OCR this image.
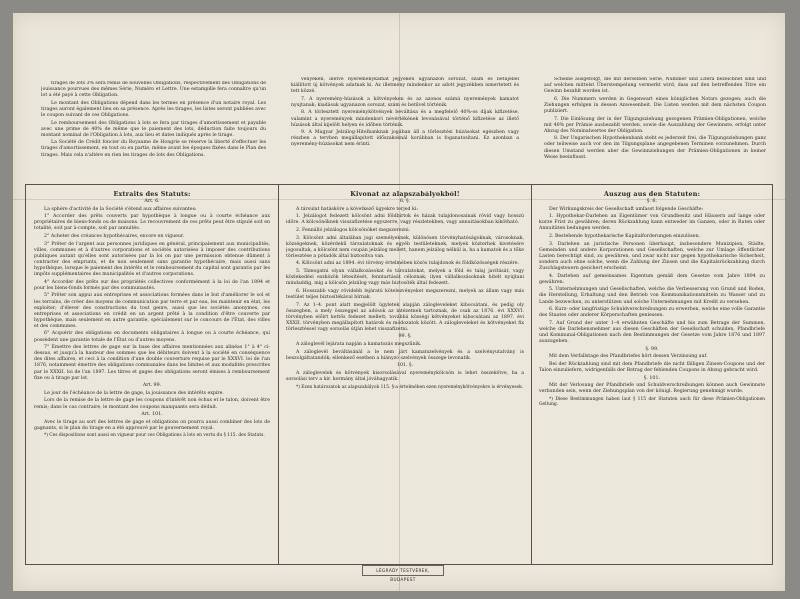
tirages de lots 3% sera remis de nouvelles Obligations, respectivement des Obligations de jouissance pourvues des mêmes Série, Numéro et Lettre. Une estampille fera connaître qu'un lot a été payé à cette Obligation.

Le montant des Obligations dépend dans les termes en présence d'un notaire royal. Les tirages auront également lieu en sa présence. Après les tirages, les listes seront publiées avec le coupon suivant de ces Obligations.

Le remboursement des Obligations à lots se fera par tirages d'amortissement et payable avec une prime de 40% de même que le paiement des lots, déduction faite toujours du montant nominal de l'Obligation à lots, aux lieu et dates indiqués après le tirage.

La Société de Crédit foncier du Royaume de Hongrie se réserve la liberté d'effectuer les tirages d'amortissement, en tout ou en partie, même avant les époques fixées dans le Plan des tirages. Mais cela n'altère en rien les tirages de lots des Obligations.

vényeken, illetve nyereménykamat jegyeken ugyanazon sorozat, szám és betűjellel kiállított új kötvények adatnak ki. Az illetmény mindenkor az adott jegyzékben ismertetett és tett közzé.

7. A nyeremény-húzások a kötvényeken és az azonos számú nyeremények kamatot nyujtanak; kiadásuk ugyanazon sorozat, szám és betűvel történik.

8. A törlesztett nyereménykötvények beváltása és a megfelelő 40%-os díjak kifizetése, valamint a nyeremények mindenkori névértékének levonásával történő kifizetése az illető húzások által kijelölt helyen és időben történik.

9. A Magyar Jelzálog-Hitelbanknak jogában áll a törlesztési húzásokat egészben vagy részben a tervben megállapított időszakoknál korábban is foganatosítani. Ez azonban a nyeremény-húzásokat nem érinti.

Scheine ausgefolgt, die mit derselben Serie, Nummer und Litera bezeichnet sind und auf welchen mittelst Überstempelung vermerkt wird, dass auf den betreffenden Titre ein Gewinn bezahlt worden ist.

6. Die Nummern werden in Gegenwart eines königlichen Notars gezogen; auch die Ziehungen erfolgen in dessen Anwesenheit. Die Listen werden mit dem nächsten Coupon publiziert.

7. Die Einlösung der in der Tilgungsziehung gezogenen Prämien-Obligationen, welche mit 40% per Prämie ausbezahlt werden, sowie die Auszahlung der Gewinnste, erfolgt unter Abzug des Nominalwertes der Obligation.

8. Der Ungarischen Hypothekenbank steht es jederzeit frei, die Tilgungsziehungen ganz oder teilweise auch vor den im Tilgungsplane angegebenen Terminen vorzunehmen. Durch diesen Umstand werden aber die Gewinnziehungen der Prämien-Obligationen in keiner Weise beeinflusst.

Extraits des Statuts:

Art. 6.

La sphère d'activité de la Société s'étend aux affaires suivantes:

1° Accorder des prêts couverts par hypothèque à longue ou à courte échéance aux propriétaires de biens-fonds ou de maisons. Le recouvrement de ces prêts peut être stipulé soit en totalité, soit par à-compte, soit par annuités.

2° Acheter des créances hypothécaires, encore en vigueur.

3° Prêter de l'argent aux personnes juridiques en général, principalement aux municipalités, villes, communes et à d'autres corporations et sociétés autorisées à imposer des contributions publiques autant qu'elles sont autorisées par la loi on par une permission obtenue dûment à contracter des emprunts, et de non seulement sans garantie hypothécaire, mais aussi sans hypothèque, lorsque le paiement des intérêts et le remboursement du capital sont garantis par les impôts supplémentaires des municipalités et d'autres corporations.

4° Accorder des prêts sur des propriétés collectives conformément à la loi de l'an 1894 et pour les biens-fonds formés par des communautés.

5° Prêter son appui aux entreprises et associations formées dans le but d'améliorer le sol et les terrains, de créer des moyens de communication par terre et par eau, les maintenir en état, les exploiter; d'élever des constructions du tout genre, aussi que les sociétés anonymes, ces entreprises et associations en crédit en un argent prêté à la condition d'être couverte par hypothèque, mais seulement en autre garantie, spécialement sur le concours de l'État, des villes et des communes.

6° Acquérir des obligations en documents obligataires à longue ou à courte échéance, qui possèdent une garantie totale de l'État ou d'autres moyens.

7° Émettre des lettres de gage sur la base des affaires mentionnées aux alinéas 1° à 4° ci-dessus, et jusqu'à la hauteur des sommes que les débiteurs doivent à la société en conséquence des dites affaires, et ceci à la condition d'une double couverture requise par le XXXVI. loi de l'an 1876, notamment émettre des obligations communales dans les limites et aux modalités prescrites par le XXXII. loi de l'an 1897. Les titres et gages des obligations seront émises à remboursement fixe ou à tirage par lot.

Art. 99.

Le jour de l'échéance de la lettre de gage, la jouissance des intérêts expire.

Lors de la remise de la lettre de gage les coupons d'intérêt non échus et le talon, doivent être remis; dans le cas contraire, le montant des coupons manquants sera déduit.

Art. 101.

Avec le tirage au sort des lettres de gage et obligations on pourra aussi combiner des lots de gagnants, si le plan du tirage en a été approuvé par le gouvernement royal.

*) Ces dispositions sont aussi en vigueur pour ces Obligations à lots en vertu du § 115. des Statuts.

Kivonat az alapszabályokból!

6. §.

A társulat hatásköre a következő ügyekre terjed ki:

1. Jelzálogot fedezett kölcsönt adni földbirtok és házak tulajdonosainak rövid vagy hosszú időre. A kölcsönöknek visszafizetése egyszerre, vagy részletekben, vagy annuitásokban kikötható.

2. Fennálló jelzálogos kölcsönöket megszerezni.

3. Kölcsönt adni általában jogi személyeknek, különösen törvényhatóságoknak, városoknak, községeknek, közérdekű társulatoknak és egyéb testületeknek, melyek közterhek kivetésére jogosultak, a kölcsönt nem csupán jelzálog mellett, hanem jelzálog nélkül is, ha a kamatok és a tőke törlesztése a pótadók által biztosítva van.

4. Kölcsönt adni az 1894. évi törvény értelmében közös tulajdonok és földközösségek részére.

5. Támogatni olyan vállalkozásokat és társulatokat, melyek a föld és talaj javítását, vagy közlekedési eszközök létesítését, fenntartását céloznak; ilyen vállalkozásoknak hitelt nyújtani mindaddig, míg a kölcsön jelzálog vagy más biztosíték által fedezett.

6. Hosszabb vagy rövidebb lejáratú kötelezvényeket megszerezni, melyek az állam vagy más testület teljes biztosítékával bírnak.

7. Az 1–4. pont alatt megjelölt ügyletek alapján zálogleveleket kibocsátani, és pedig oly összegben, a mely összeggel az adósok az intézetnek tartoznak, de csak az 1876. évi XXXVI. törvényben előírt kettős fedezet mellett; továbbá községi kötvényeket kibocsátani az 1897. évi XXXII. törvényben megállapított határok és módozatok között. A zálogleveleket és kötvényeket fix törlesztéssel vagy sorsolás útján lehet visszafizetni.

99. §.

A záloglevél lejárata napján a kamatozás megszűnik.

A záloglevél beváltásánál a le nem járt kamatszelvények és a szelvényutalvány is beszolgáltatandók; ellenkező esetben a hiányzó szelvények összege levonatik.

101. §.

A záloglevelek és kötvények kisorsolásával nyereménykölcsön is lehet összekötve, ha a sorsolási terv a kir. kormány által jóváhagyatik.

*) Ezen határozatok az alapszabályok 115. §-a értelmében ezen nyereménykötvényekre is érvényesek.

Auszug aus den Statuten:

§. 6.

Der Wirkungskreis der Gesellschaft umfasst folgende Geschäfte:

1. Hypothekar-Darlehen an Eigentümer von Grundbesitz und Häusern auf lange oder kurze Frist zu gewähren; deren Rückzahlung kann entweder im Ganzen, oder in Raten oder Annuitäten bedungen werden.

2. Bestehende hypothekarische Kapitalforderungen einzulösen.

3. Darlehen an juristische Personen überhaupt, insbesondere Munizipien, Städte, Gemeinden und andere Korporationen und Gesellschaften, welche zur Umlage öffentlicher Lasten berechtigt sind, zu gewähren, und zwar nicht nur gegen hypothekarische Sicherheit, sondern auch ohne solche, wenn die Zahlung der Zinsen und die Kapitalsrückzahlung durch Zuschlagsteuern gesichert erscheint.

4. Darlehen auf gemeinsames Eigentum gemäß dem Gesetze vom Jahre 1894 zu gewähren.

5. Unternehmungen und Gesellschaften, welche die Verbesserung von Grund und Boden, die Herstellung, Erhaltung und den Betrieb von Kommunikationsmitteln zu Wasser und zu Lande bezwecken, zu unterstützen und solche Unternehmungen mit Kredit zu versehen.

6. Kurz- oder langfristige Schuldverschreibungen zu erwerben, welche eine volle Garantie des Staates oder anderer Körperschaften geniessen.

7. Auf Grund der unter 1–4 erwähnten Geschäfte und bis zum Betrage der Summen, welche die Darlehensnehmer aus diesen Geschäften der Gesellschaft schulden, Pfandbriefe und Kommunal-Obligationen nach den Bestimmungen der Gesetze vom Jahre 1876 und 1897 auszugeben.

§. 99.

Mit dem Verfallstage des Pfandbriefes hört dessen Verzinsung auf.

Bei der Rückzahlung sind mit dem Pfandbriefe die nicht fälligen Zinsen-Coupons und der Talon einzuliefern, widrigenfalls der Betrag der fehlenden Coupons in Abzug gebracht wird.

§. 101.

Mit der Verlosung der Pfandbriefe und Schuldverschreibungen können auch Gewinnste verbunden sein, wenn der Ziehungsplan von der königl. Regierung genehmigt wurde.

*) Diese Bestimmungen haben laut § 115 der Statuten auch für diese Prämien-Obligationen Geltung.

LÉGRÁDY TESTVÉREK, BUDAPEST
